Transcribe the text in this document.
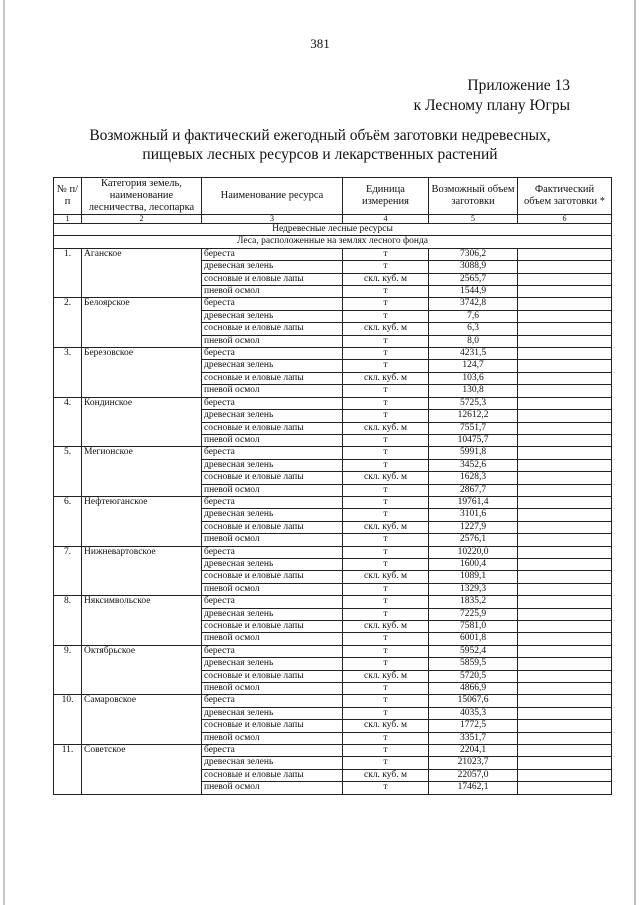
381
Приложение 13
к Лесному плану Югры
Возможный и фактический ежегодный объём заготовки недревесных,
пищевых лесных ресурсов и лекарственных растений
№ п/п	Категория земель, наименование лесничества, лесопарка	Наименование ресурса	Единица измерения	Возможный объем заготовки	Фактический объем заготовки *
1	2	3	4	5	6
Недревесные лесные ресурсы					
Леса, расположенные на землях лесного фонда					
1.	Аганское	береста	т	7306,2	
		древесная зелень	т	3088,9	
		сосновые и еловые лапы	скл. куб. м	2565,7	
		пневой осмол	т	1544,9	
2.	Белоярское	береста	т	3742,8	
		древесная зелень	т	7,6	
		сосновые и еловые лапы	скл. куб. м	6,3	
		пневой осмол	т	8,0	
3.	Березовское	береста	т	4231,5	
		древесная зелень	т	124,7	
		сосновые и еловые лапы	скл. куб. м	103,6	
		пневой осмол	т	130,8	
4.	Кондинское	береста	т	5725,3	
		древесная зелень	т	12612,2	
		сосновые и еловые лапы	скл. куб. м	7551,7	
		пневой осмол	т	10475,7	
5.	Мегионское	береста	т	5991,8	
		древесная зелень	т	3452,6	
		сосновые и еловые лапы	скл. куб. м	1628,3	
		пневой осмол	т	2867,7	
6.	Нефтеюганское	береста	т	19761,4	
		древесная зелень	т	3101,6	
		сосновые и еловые лапы	скл. куб. м	1227,9	
		пневой осмол	т	2576,1	
7.	Нижневартовское	береста	т	10220,0	
		древесная зелень	т	1600,4	
		сосновые и еловые лапы	скл. куб. м	1089,1	
		пневой осмол	т	1329,3	
8.	Няксимвольское	береста	т	1835,2	
		древесная зелень	т	7225,9	
		сосновые и еловые лапы	скл. куб. м	7581,0	
		пневой осмол	т	6001,8	
9.	Октябрьское	береста	т	5952,4	
		древесная зелень	т	5859,5	
		сосновые и еловые лапы	скл. куб. м	5720,5	
		пневой осмол	т	4866,9	
10.	Самаровское	береста	т	15067,6	
		древесная зелень	т	4035,3	
		сосновые и еловые лапы	скл. куб. м	1772,5	
		пневой осмол	т	3351,7	
11.	Советское	береста	т	2204,1	
		древесная зелень	т	21023,7	
		сосновые и еловые лапы	скл. куб. м	22057,0	
		пневой осмол	т	17462,1	
